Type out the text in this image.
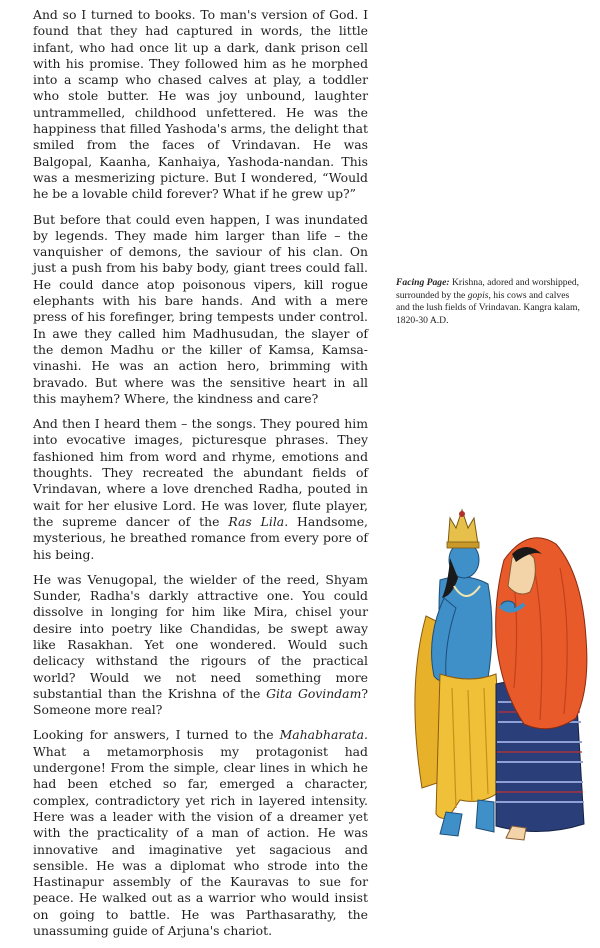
And so I turned to books. To man's version of God. I found that they had captured in words, the little infant, who had once lit up a dark, dank prison cell with his promise. They followed him as he morphed into a scamp who chased calves at play, a toddler who stole butter. He was joy unbound, laughter untrammelled, childhood unfettered. He was the happiness that filled Yashoda's arms, the delight that smiled from the faces of Vrindavan. He was Balgopal, Kaanha, Kanhaiya, Yashoda-nandan. This was a mesmerizing picture. But I wondered, “Would he be a lovable child forever? What if he grew up?”

But before that could even happen, I was inundated by legends. They made him larger than life – the vanquisher of demons, the saviour of his clan. On just a push from his baby body, giant trees could fall. He could dance atop poisonous vipers, kill rogue elephants with his bare hands. And with a mere press of his forefinger, bring tempests under control. In awe they called him Madhusudan, the slayer of the demon Madhu or the killer of Kamsa, Kamsa-vinashi. He was an action hero, brimming with bravado. But where was the sensitive heart in all this mayhem? Where, the kindness and care?

And then I heard them – the songs. They poured him into evocative images, picturesque phrases. They fashioned him from word and rhyme, emotions and thoughts. They recreated the abundant fields of Vrindavan, where a love drenched Radha, pouted in wait for her elusive Lord. He was lover, flute player, the supreme dancer of the Ras Lila. Handsome, mysterious, he breathed romance from every pore of his being.

He was Venugopal, the wielder of the reed, Shyam Sunder, Radha's darkly attractive one. You could dissolve in longing for him like Mira, chisel your desire into poetry like Chandidas, be swept away like Rasakhan. Yet one wondered. Would such delicacy withstand the rigours of the practical world? Would we not need something more substantial than the Krishna of the Gita Govindam? Someone more real?

Looking for answers, I turned to the Mahabharata. What a metamorphosis my protagonist had undergone! From the simple, clear lines in which he had been etched so far, emerged a character, complex, contradictory yet rich in layered intensity. Here was a leader with the vision of a dreamer yet with the practicality of a man of action. He was innovative and imaginative yet sagacious and sensible. He was a diplomat who strode into the Hastinapur assembly of the Kauravas to sue for peace. He walked out as a warrior who would insist on going to battle. He was Parthasarathy, the unassuming guide of Arjuna's chariot.

Facing Page: Krishna, adored and worshipped, surrounded by the gopis, his cows and calves and the lush fields of Vrindavan. Kangra kalam, 1820-30 A.D.
